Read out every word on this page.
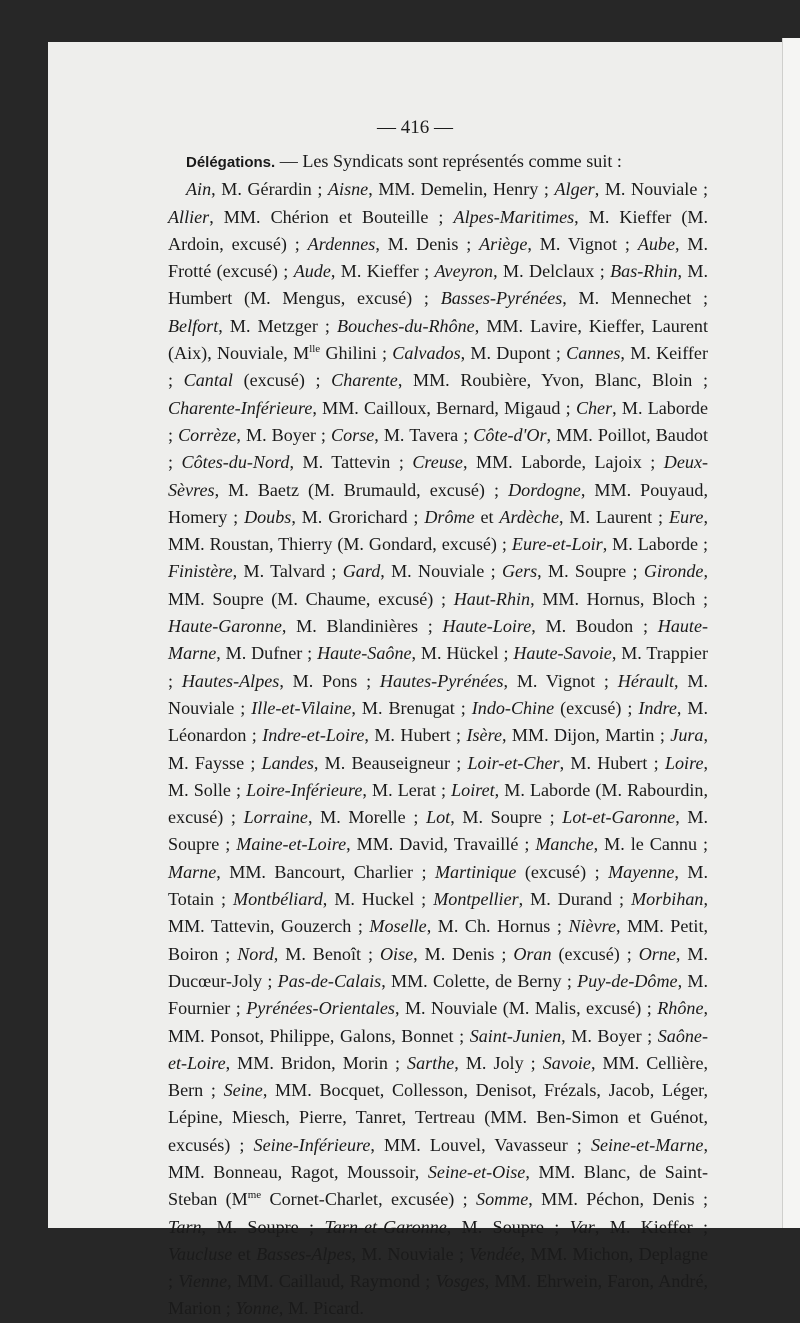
— 416 —
Délégations. — Les Syndicats sont représentés comme suit :
Ain, M. Gérardin ; Aisne, MM. Demelin, Henry ; Alger, M. Nouviale ; Allier, MM. Chérion et Bouteille ; Alpes-Maritimes, M. Kieffer (M. Ardoin, excusé) ; Ardennes, M. Denis ; Ariège, M. Vignot ; Aube, M. Frotté (excusé) ; Aude, M. Kieffer ; Aveyron, M. Delclaux ; Bas-Rhin, M. Humbert (M. Mengus, excusé) ; Basses-Pyrénées, M. Mennechet ; Belfort, M. Metzger ; Bouches-du-Rhône, MM. Lavire, Kieffer, Laurent (Aix), Nouviale, $M^{lle}$ Ghilini ; Calvados, M. Dupont ; Cannes, M. Keiffer ; Cantal (excusé) ; Charente, MM. Roubière, Yvon, Blanc, Bloin ; Charente-Inférieure, MM. Cailloux, Bernard, Migaud ; Cher, M. Laborde ; Corrèze, M. Boyer ; Corse, M. Tavera ; Côte-d'Or, MM. Poillot, Baudot ; Côtes-du-Nord, M. Tattevin ; Creuse, MM. Laborde, Lajoix ; Deux-Sèvres, M. Baetz (M. Brumauld, excusé) ; Dordogne, MM. Pouyaud, Homery ; Doubs, M. Grorichard ; Drôme et Ardèche, M. Laurent ; Eure, MM. Roustan, Thierry (M. Gondard, excusé) ; Eure-et-Loir, M. Laborde ; Finistère, M. Talvard ; Gard, M. Nouviale ; Gers, M. Soupre ; Gironde, MM. Soupre (M. Chaume, excusé) ; Haut-Rhin, MM. Hornus, Bloch ; Haute-Garonne, M. Blandinières ; Haute-Loire, M. Boudon ; Haute-Marne, M. Dufner ; Haute-Saône, M. Hückel ; Haute-Savoie, M. Trappier ; Hautes-Alpes, M. Pons ; Hautes-Pyrénées, M. Vignot ; Hérault, M. Nouviale ; Ille-et-Vilaine, M. Brenugat ; Indo-Chine (excusé) ; Indre, M. Léonardon ; Indre-et-Loire, M. Hubert ; Isère, MM. Dijon, Martin ; Jura, M. Faysse ; Landes, M. Beauseigneur ; Loir-et-Cher, M. Hubert ; Loire, M. Solle ; Loire-Inférieure, M. Lerat ; Loiret, M. Laborde (M. Rabourdin, excusé) ; Lorraine, M. Morelle ; Lot, M. Soupre ; Lot-et-Garonne, M. Soupre ; Maine-et-Loire, MM. David, Travaillé ; Manche, M. le Cannu ; Marne, MM. Bancourt, Charlier ; Martinique (excusé) ; Mayenne, M. Totain ; Montbéliard, M. Huckel ; Montpellier, M. Durand ; Morbihan, MM. Tattevin, Gouzerch ; Moselle, M. Ch. Hornus ; Nièvre, MM. Petit, Boiron ; Nord, M. Benoît ; Oise, M. Denis ; Oran (excusé) ; Orne, M. Ducœur-Joly ; Pas-de-Calais, MM. Colette, de Berny ; Puy-de-Dôme, M. Fournier ; Pyrénées-Orientales, M. Nouviale (M. Malis, excusé) ; Rhône, MM. Ponsot, Philippe, Galons, Bonnet ; Saint-Junien, M. Boyer ; Saône-et-Loire, MM. Bridon, Morin ; Sarthe, M. Joly ; Savoie, MM. Cellière, Bern ; Seine, MM. Bocquet, Collesson, Denisot, Frézals, Jacob, Léger, Lépine, Miesch, Pierre, Tanret, Tertreau (MM. Ben-Simon et Guénot, excusés) ; Seine-Inférieure, MM. Louvel, Vavasseur ; Seine-et-Marne, MM. Bonneau, Ragot, Moussoir, Seine-et-Oise, MM. Blanc, de Saint-Steban ($M^{me}$ Cornet-Charlet, excusée) ; Somme, MM. Péchon, Denis ; Tarn, M. Soupre ; Tarn-et-Garonne, M. Soupre ; Var, M. Kieffer ; Vaucluse et Basses-Alpes, M. Nouviale ; Vendée, MM. Michon, Deplagne ; Vienne, MM. Caillaud, Raymond ; Vosges, MM. Ehrwein, Faron, André, Marion ; Yonne, M. Picard.
